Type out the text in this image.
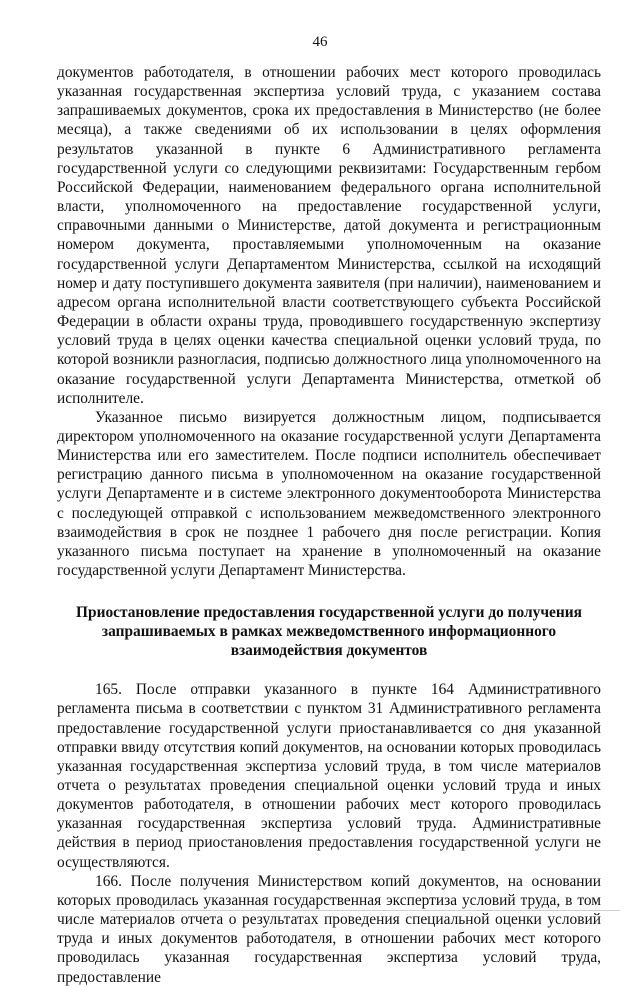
46

документов работодателя, в отношении рабочих мест которого проводилась указанная государственная экспертиза условий труда, с указанием состава запрашиваемых документов, срока их предоставления в Министерство (не более месяца), а также сведениями об их использовании в целях оформления результатов указанной в пункте 6 Административного регламента государственной услуги со следующими реквизитами: Государственным гербом Российской Федерации, наименованием федерального органа исполнительной власти, уполномоченного на предоставление государственной услуги, справочными данными о Министерстве, датой документа и регистрационным номером документа, проставляемыми уполномоченным на оказание государственной услуги Департаментом Министерства, ссылкой на исходящий номер и дату поступившего документа заявителя (при наличии), наименованием и адресом органа исполнительной власти соответствующего субъекта Российской Федерации в области охраны труда, проводившего государственную экспертизу условий труда в целях оценки качества специальной оценки условий труда, по которой возникли разногласия, подписью должностного лица уполномоченного на оказание государственной услуги Департамента Министерства, отметкой об исполнителе.

Указанное письмо визируется должностным лицом, подписывается директором уполномоченного на оказание государственной услуги Департамента Министерства или его заместителем. После подписи исполнитель обеспечивает регистрацию данного письма в уполномоченном на оказание государственной услуги Департаменте и в системе электронного документооборота Министерства с последующей отправкой с использованием межведомственного электронного взаимодействия в срок не позднее 1 рабочего дня после регистрации. Копия указанного письма поступает на хранение в уполномоченный на оказание государственной услуги Департамент Министерства.

Приостановление предоставления государственной услуги до получения запрашиваемых в рамках межведомственного информационного взаимодействия документов

165. После отправки указанного в пункте 164 Административного регламента письма в соответствии с пунктом 31 Административного регламента предоставление государственной услуги приостанавливается со дня указанной отправки ввиду отсутствия копий документов, на основании которых проводилась указанная государственная экспертиза условий труда, в том числе материалов отчета о результатах проведения специальной оценки условий труда и иных документов работодателя, в отношении рабочих мест которого проводилась указанная государственная экспертиза условий труда. Административные действия в период приостановления предоставления государственной услуги не осуществляются.

166. После получения Министерством копий документов, на основании которых проводилась указанная государственная экспертиза условий труда, в том числе материалов отчета о результатах проведения специальной оценки условий труда и иных документов работодателя, в отношении рабочих мест которого проводилась указанная государственная экспертиза условий труда, предоставление
